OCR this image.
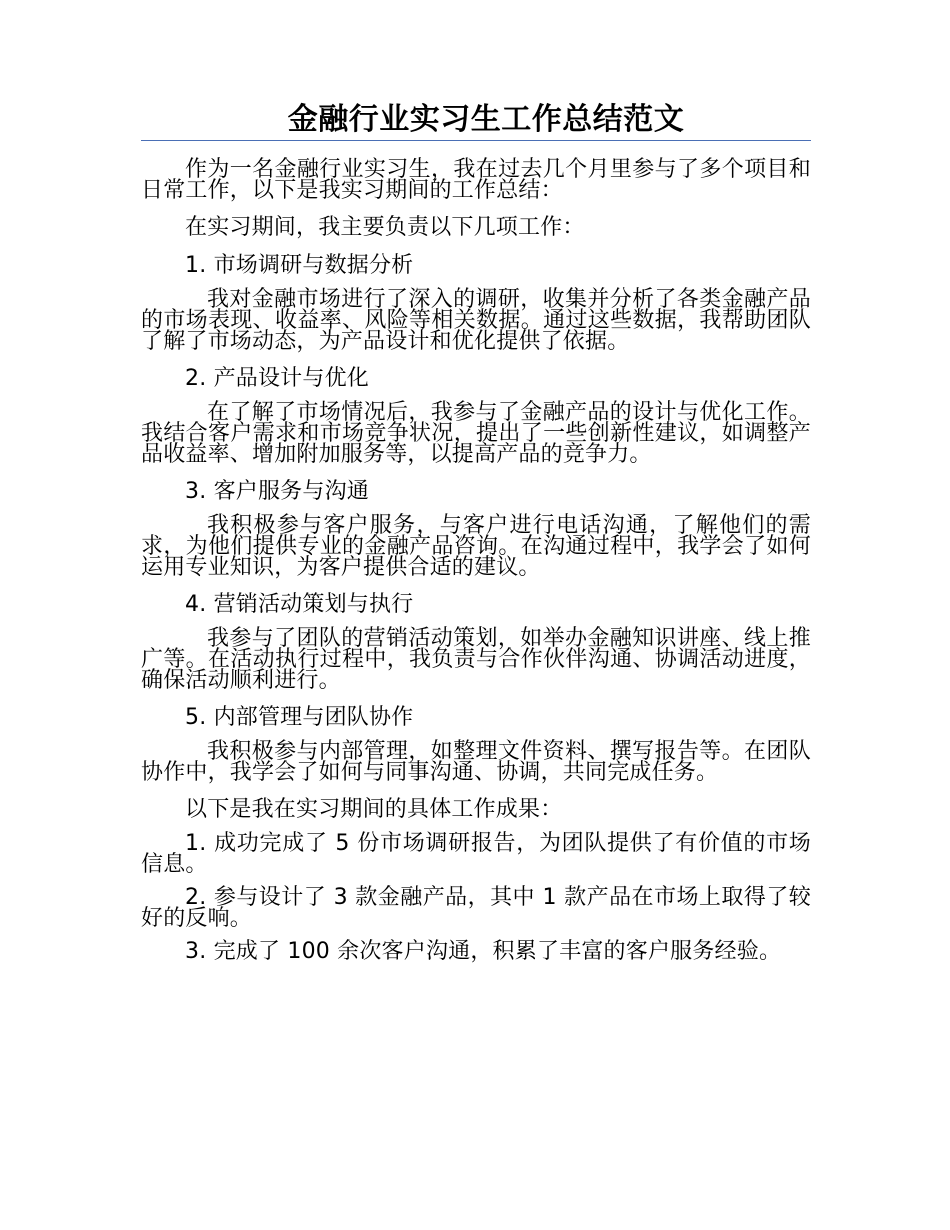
金融行业实习生工作总结范文

作为一名金融行业实习生，我在过去几个月里参与了多个项目和日常工作，以下是我实习期间的工作总结：

在实习期间，我主要负责以下几项工作：

1. 市场调研与数据分析

我对金融市场进行了深入的调研，收集并分析了各类金融产品的市场表现、收益率、风险等相关数据。通过这些数据，我帮助团队了解了市场动态，为产品设计和优化提供了依据。

2. 产品设计与优化

在了解了市场情况后，我参与了金融产品的设计与优化工作。我结合客户需求和市场竞争状况，提出了一些创新性建议，如调整产品收益率、增加附加服务等，以提高产品的竞争力。

3. 客户服务与沟通

我积极参与客户服务，与客户进行电话沟通，了解他们的需求，为他们提供专业的金融产品咨询。在沟通过程中，我学会了如何运用专业知识，为客户提供合适的建议。

4. 营销活动策划与执行

我参与了团队的营销活动策划，如举办金融知识讲座、线上推广等。在活动执行过程中，我负责与合作伙伴沟通、协调活动进度，确保活动顺利进行。

5. 内部管理与团队协作

我积极参与内部管理，如整理文件资料、撰写报告等。在团队协作中，我学会了如何与同事沟通、协调，共同完成任务。

以下是我在实习期间的具体工作成果：

1. 成功完成了 5 份市场调研报告，为团队提供了有价值的市场信息。

2. 参与设计了 3 款金融产品，其中 1 款产品在市场上取得了较好的反响。

3. 完成了 100 余次客户沟通，积累了丰富的客户服务经验。
